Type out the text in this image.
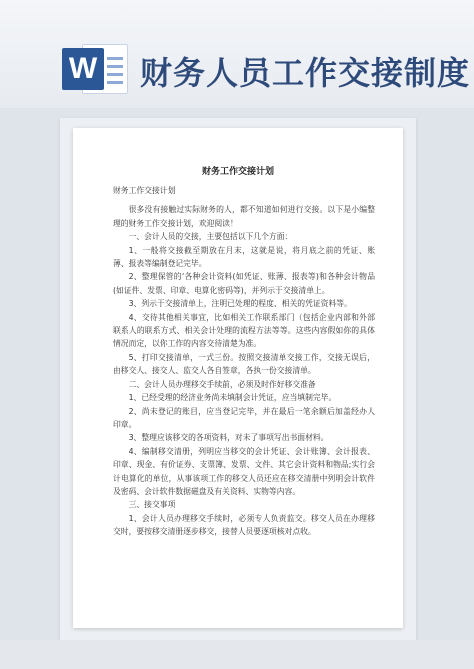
W 财务人员工作交接制度
财务工作交接计划

财务工作交接计划

很多没有接触过实际财务的人，都不知道如何进行交接。以下是小编整理的财务工作交接计划，欢迎阅读！

一、会计人员的交接，主要包括以下几个方面：

1、一般将交接截至期放在月末，这就是说，将月底之前的凭证、账薄、报表等编制登记完毕。

2、整理保管的‘各种会计资料(如凭证、账薄、报表等)和各种会计物品(如证件、发票、印章、电算化密码等)，并列示于交接清单上。

3、列示于交接清单上，注明已处理的程度、相关的凭证资料等。

4、交待其他相关事宜，比如相关工作联系部门（包括企业内部和外部联系人的联系方式、相关会计处理的流程方法等等。这些内容假如你的具体情况而定，以你工作的内容交待清楚为准。

5、打印交接清单，一式三份。按照交接清单交接工作，交接无误后，由移交人、接交人、监交人各自签章，各执一份交接清单。

二、会计人员办理移交手续前，必须及时作好移交准备

1、已经受理的经济业务尚未填制会计凭证，应当填制完毕。

2、尚未登记的账目，应当登记完毕，并在最后一笔余额后加盖经办人印章。

3、整理应该移交的各项资料，对未了事项写出书面材料。

4、编制移交清册，列明应当移交的会计凭证、会计账簿、会计报表、印章、现金、有价证券、支票簿、发票、文件、其它会计资料和物品;实行会计电算化的单位，从事该项工作的移交人员还应在移交清册中列明会计软件及密码、会计软件数据磁盘及有关资料、实物等内容。

三、接交事项

1、会计人员办理移交手续时，必须专人负责监交。移交人员在办理移交时，要按移交清册逐步移交，接替人员要逐项核对点收。
